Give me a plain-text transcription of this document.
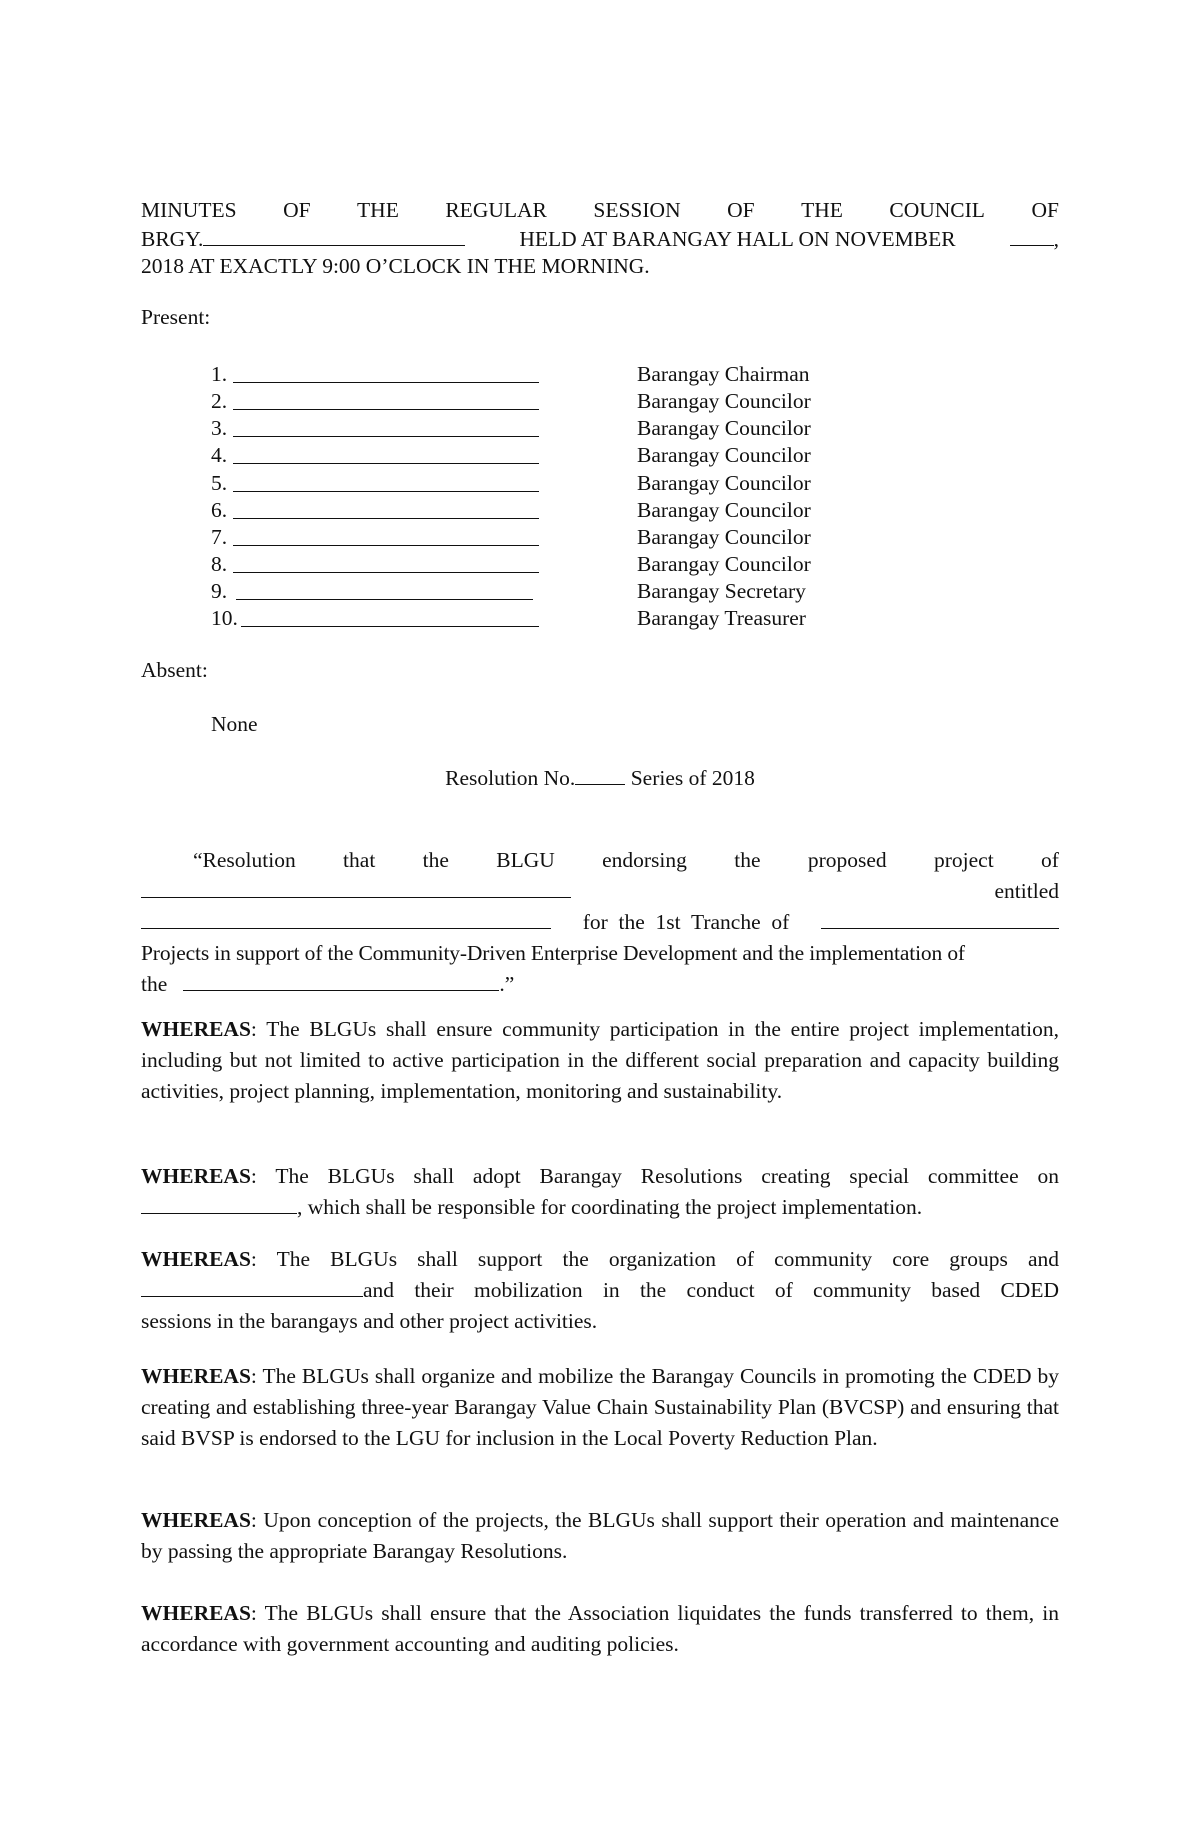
MINUTES OF THE REGULAR SESSION OF THE COUNCIL OF
BRGY.	HELD AT BARANGAY HALL ON NOVEMBER	,
2018 AT EXACTLY 9:00 O’CLOCK IN THE MORNING.
Present:
1.	Barangay Chairman
2.	Barangay Councilor
3.	Barangay Councilor
4.	Barangay Councilor
5.	Barangay Councilor
6.	Barangay Councilor
7.	Barangay Councilor
8.	Barangay Councilor
9.	Barangay Secretary
10.	Barangay Treasurer
Absent:
None
Resolution No.	Series of 2018
“Resolution that the BLGU endorsing the proposed project of
entitled
for  the  1st  Tranche  of
Projects in support of the Community-Driven Enterprise Development and the implementation of
the	.”

WHEREAS: The BLGUs shall ensure community participation in the entire project implementation, including but not limited to active participation in the different social preparation and capacity building activities, project planning, implementation, monitoring and sustainability.

WHEREAS : The BLGUs shall adopt Barangay Resolutions creating special committee on
, which shall be responsible for coordinating the project implementation.
WHEREAS : The BLGUs shall support the organization of community core groups and
and their mobilization in the conduct of community based CDED
sessions in the barangays and other project activities.

WHEREAS: The BLGUs shall organize and mobilize the Barangay Councils in promoting the CDED by creating and establishing three-year Barangay Value Chain Sustainability Plan (BVCSP) and ensuring that said BVSP is endorsed to the LGU for inclusion in the Local Poverty Reduction Plan.

WHEREAS: Upon conception of the projects, the BLGUs shall support their operation and maintenance by passing the appropriate Barangay Resolutions.

WHEREAS: The BLGUs shall ensure that the Association liquidates the funds transferred to them, in accordance with government accounting and auditing policies.
